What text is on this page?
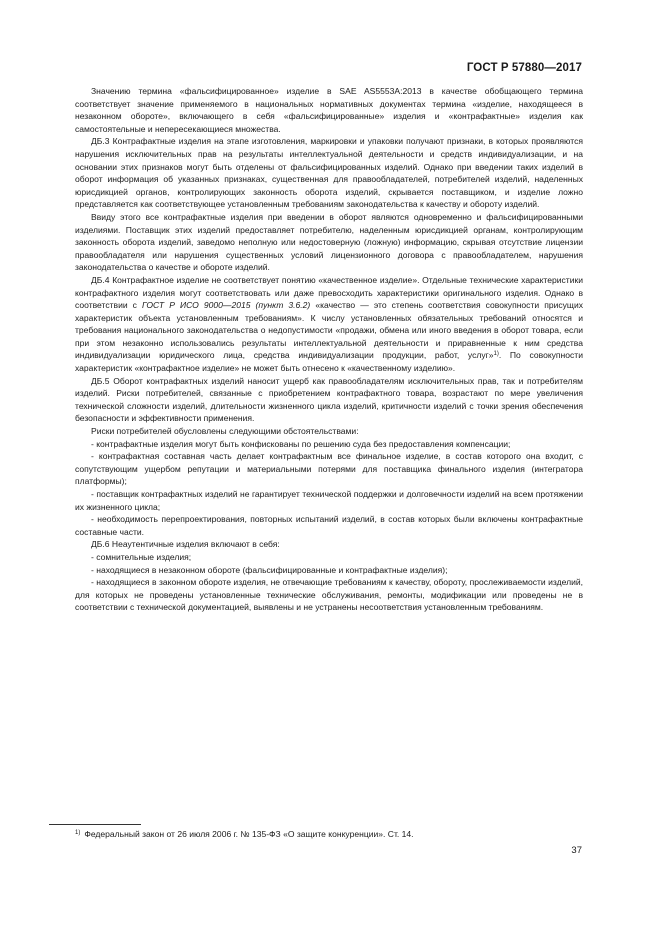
ГОСТ Р 57880—2017

Значению термина «фальсифицированное» изделие в SAE AS5553A:2013 в качестве обобщающего термина соответствует значение применяемого в национальных нормативных документах термина «изделие, находящееся в незаконном обороте», включающего в себя «фальсифицированные» изделия и «контрафактные» изделия как самостоятельные и непересекающиеся множества.

ДБ.3 Контрафактные изделия на этапе изготовления, маркировки и упаковки получают признаки, в которых проявляются нарушения исключительных прав на результаты интеллектуальной деятельности и средств индивидуализации, и на основании этих признаков могут быть отделены от фальсифицированных изделий. Однако при введении таких изделий в оборот информация об указанных признаках, существенная для правообладателей, потребителей изделий, наделенных юрисдикцией органов, контролирующих законность оборота изделий, скрывается поставщиком, и изделие ложно представляется как соответствующее установленным требованиям законодательства к качеству и обороту изделий.

Ввиду этого все контрафактные изделия при введении в оборот являются одновременно и фальсифицированными изделиями. Поставщик этих изделий предоставляет потребителю, наделенным юрисдикцией органам, контролирующим законность оборота изделий, заведомо неполную или недостоверную (ложную) информацию, скрывая отсутствие лицензии правообладателя или нарушения существенных условий лицензионного договора с правообладателем, нарушения законодательства о качестве и обороте изделий.

ДБ.4 Контрафактное изделие не соответствует понятию «качественное изделие». Отдельные технические характеристики контрафактного изделия могут соответствовать или даже превосходить характеристики оригинального изделия. Однако в соответствии с ГОСТ Р ИСО 9000—2015 (пункт 3.6.2) «качество — это степень соответствия совокупности присущих характеристик объекта установленным требованиям». К числу установленных обязательных требований относятся и требования национального законодательства о недопустимости «продажи, обмена или иного введения в оборот товара, если при этом незаконно использовались результаты интеллектуальной деятельности и приравненные к ним средства индивидуализации юридического лица, средства индивидуализации продукции, работ, услуг»$^{1)}$. По совокупности характеристик «контрафактное изделие» не может быть отнесено к «качественному изделию».

ДБ.5 Оборот контрафактных изделий наносит ущерб как правообладателям исключительных прав, так и потребителям изделий. Риски потребителей, связанные с приобретением контрафактного товара, возрастают по мере увеличения технической сложности изделий, длительности жизненного цикла изделий, критичности изделий с точки зрения обеспечения безопасности и эффективности применения.

Риски потребителей обусловлены следующими обстоятельствами:

- контрафактные изделия могут быть конфискованы по решению суда без предоставления компенсации;

- контрафактная составная часть делает контрафактным все финальное изделие, в состав которого она входит, с сопутствующим ущербом репутации и материальными потерями для поставщика финального изделия (интегратора платформы);

- поставщик контрафактных изделий не гарантирует технической поддержки и долговечности изделий на всем протяжении их жизненного цикла;

- необходимость перепроектирования, повторных испытаний изделий, в состав которых были включены контрафактные составные части.

ДБ.6 Неаутентичные изделия включают в себя:

- сомнительные изделия;

- находящиеся в незаконном обороте (фальсифицированные и контрафактные изделия);

- находящиеся в законном обороте изделия, не отвечающие требованиям к качеству, обороту, прослеживаемости изделий, для которых не проведены установленные технические обслуживания, ремонты, модификации или проведены не в соответствии с технической документацией, выявлены и не устранены несоответствия установленным требованиям.

$^{1)}$ Федеральный закон от 26 июля 2006 г. № 135-ФЗ «О защите конкуренции». Ст. 14.
37
